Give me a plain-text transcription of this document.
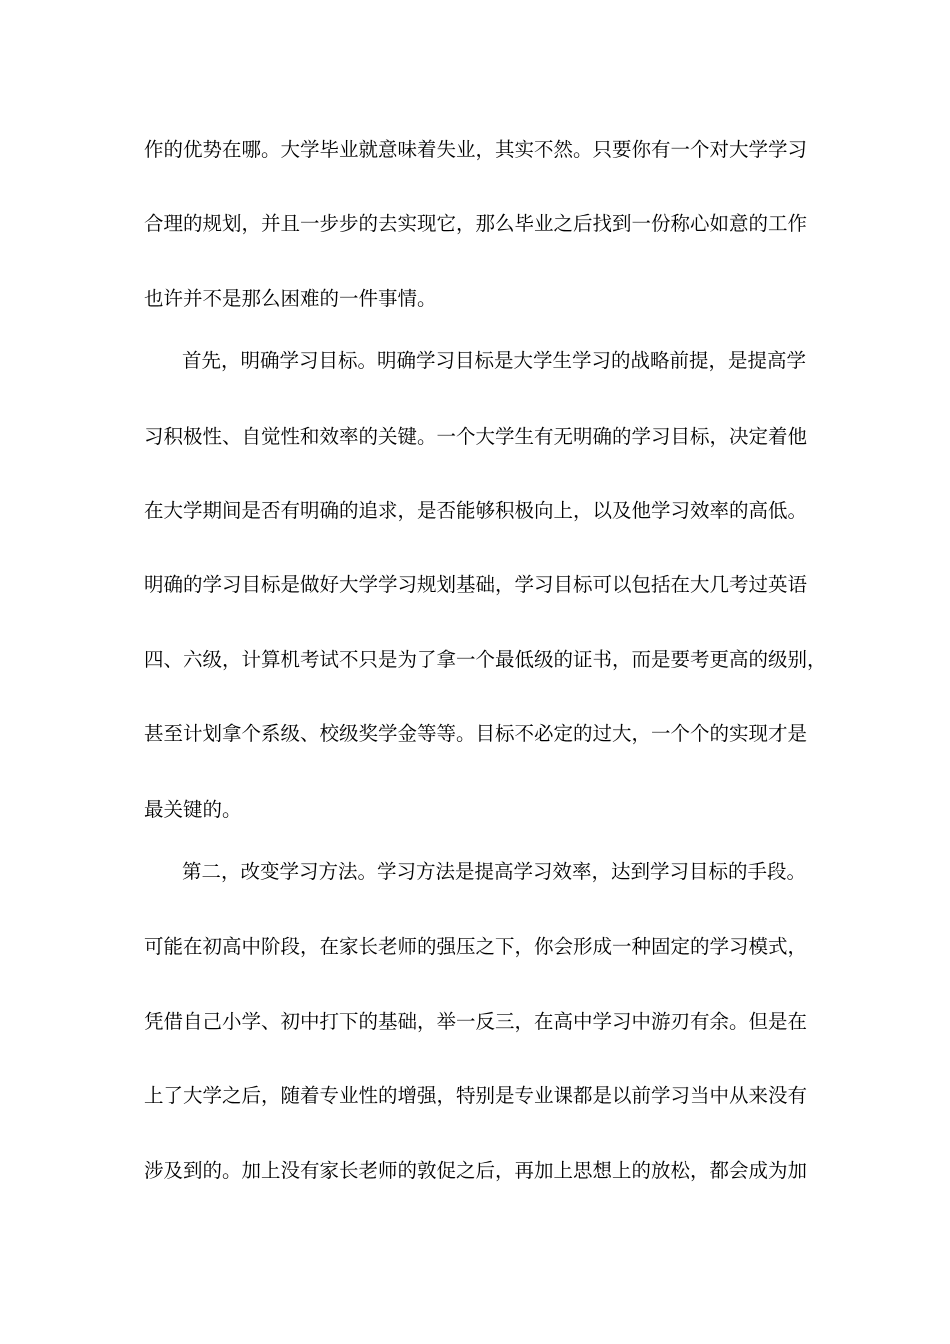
作的优势在哪。大学毕业就意味着失业，其实不然。只要你有一个对大学学习
合理的规划，并且一步步的去实现它，那么毕业之后找到一份称心如意的工作
也许并不是那么困难的一件事情。
首先，明确学习目标。明确学习目标是大学生学习的战略前提，是提高学
习积极性、自觉性和效率的关键。一个大学生有无明确的学习目标，决定着他
在大学期间是否有明确的追求，是否能够积极向上，以及他学习效率的高低。
明确的学习目标是做好大学学习规划基础，学习目标可以包括在大几考过英语
四、六级，计算机考试不只是为了拿一个最低级的证书，而是要考更高的级别，
甚至计划拿个系级、校级奖学金等等。目标不必定的过大，一个个的实现才是
最关键的。
第二，改变学习方法。学习方法是提高学习效率，达到学习目标的手段。
可能在初高中阶段，在家长老师的强压之下，你会形成一种固定的学习模式，
凭借自己小学、初中打下的基础，举一反三，在高中学习中游刃有余。但是在
上了大学之后，随着专业性的增强，特别是专业课都是以前学习当中从来没有
涉及到的。加上没有家长老师的敦促之后，再加上思想上的放松，都会成为加
